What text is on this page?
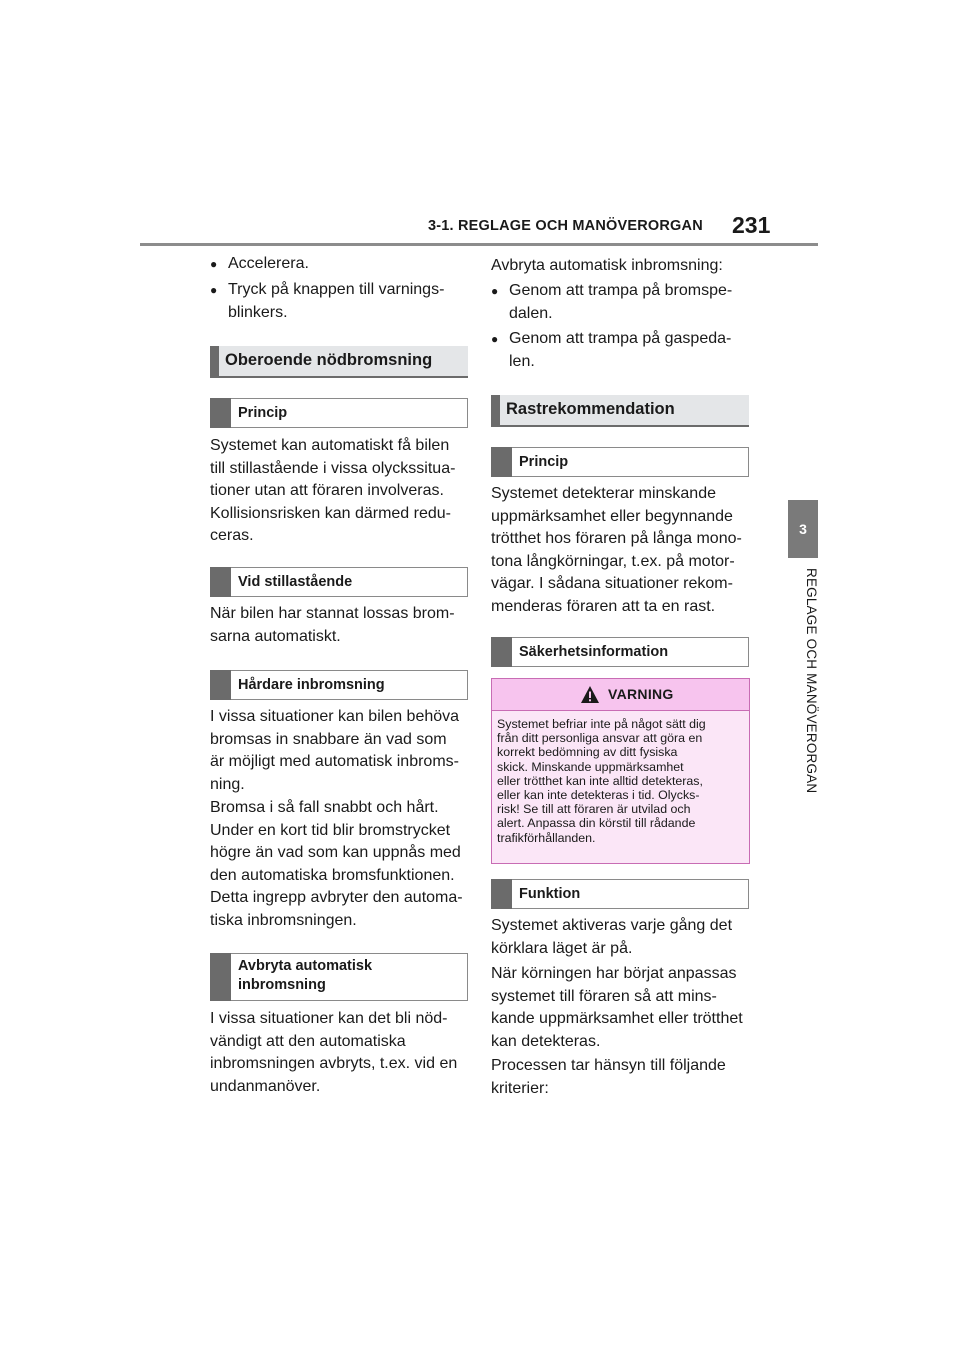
3-1. REGLAGE OCH MANÖVERORGAN 231
3
REGLAGE OCH MANÖVERORGAN
● Accelerera.
● Tryck på knappen till varnings-
blinkers.
Oberoende nödbromsning
Princip
Systemet kan automatiskt få bilen
till stillastående i vissa olyckssitua-
tioner utan att föraren involveras.
Kollisionsrisken kan därmed redu-
ceras.
Vid stillastående
När bilen har stannat lossas brom-
sarna automatiskt.
Hårdare inbromsning
I vissa situationer kan bilen behöva
bromsas in snabbare än vad som
är möjligt med automatisk inbroms-
ning.
Bromsa i så fall snabbt och hårt.
Under en kort tid blir bromstrycket
högre än vad som kan uppnås med
den automatiska bromsfunktionen.
Detta ingrepp avbryter den automa-
tiska inbromsningen.
Avbryta automatisk
inbromsning
I vissa situationer kan det bli nöd-
vändigt att den automatiska
inbromsningen avbryts, t.ex. vid en
undanmanöver.
Avbryta automatisk inbromsning:
● Genom att trampa på bromspe-
dalen.
● Genom att trampa på gaspeda-
len.
Rastrekommendation
Princip
Systemet detekterar minskande
uppmärksamhet eller begynnande
trötthet hos föraren på långa mono-
tona långkörningar, t.ex. på motor-
vägar. I sådana situationer rekom-
menderas föraren att ta en rast.
Säkerhetsinformation
VARNING
Systemet befriar inte på något sätt dig
från ditt personliga ansvar att göra en
korrekt bedömning av ditt fysiska
skick. Minskande uppmärksamhet
eller trötthet kan inte alltid detekteras,
eller kan inte detekteras i tid. Olycks-
risk! Se till att föraren är utvilad och
alert. Anpassa din körstil till rådande
trafikförhållanden.
Funktion
Systemet aktiveras varje gång det
körklara läget är på.
När körningen har börjat anpassas
systemet till föraren så att mins-
kande uppmärksamhet eller trötthet
kan detekteras.
Processen tar hänsyn till följande
kriterier:
